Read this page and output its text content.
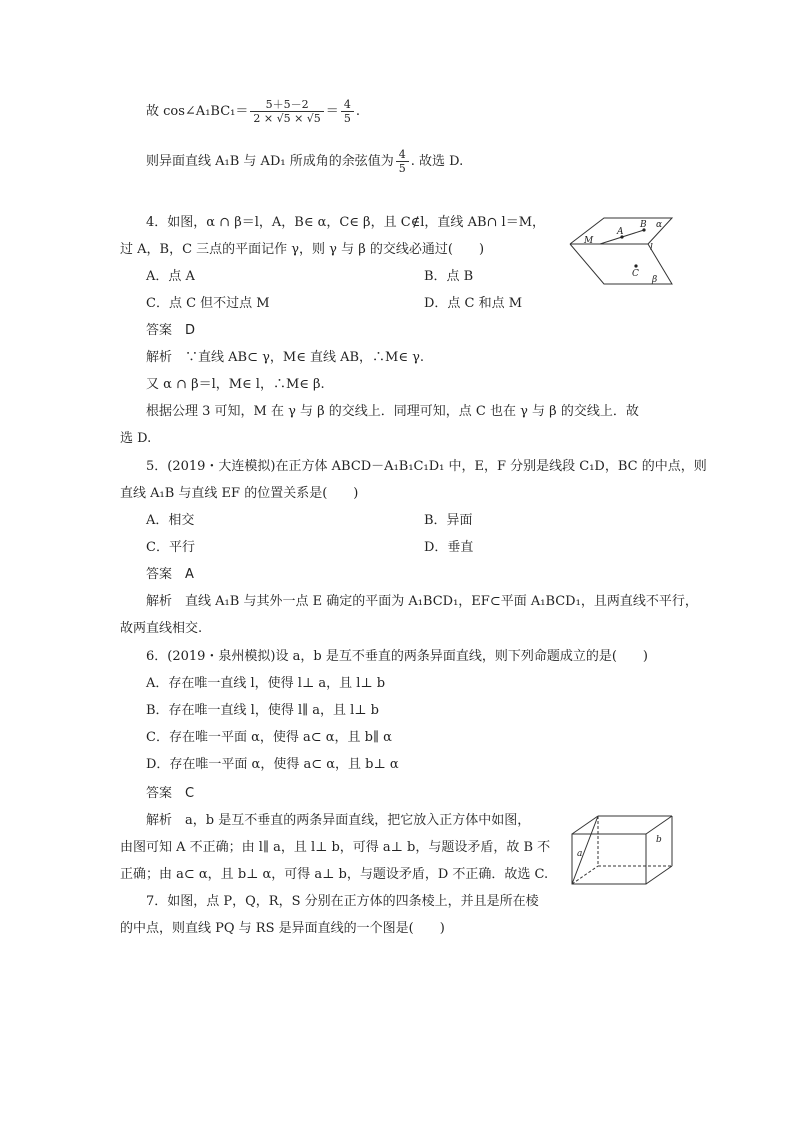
故 cos∠A₁BC₁＝ $\frac{5+5-2}{2 \times √5 \times √5} = \frac{4}{5}$ .
则异面直线 A₁B 与 AD₁ 所成角的余弦值为 $\frac{4}{5}$ . 故选 D.
4．如图，α ∩ β＝l，A，B∈ α，C∈ β，且 C∉l，直线 AB∩ l＝M，
过 A，B，C 三点的平面记作 γ，则 γ 与 β 的交线必通过(　　)
A．点 A	B．点 B
C．点 C 但不过点 M	D．点 C 和点 M
答案　 D
解析　 ∵直线 AB⊂ γ，M∈ 直线 AB，∴M∈ γ.
又 α ∩ β＝l，M∈ l，∴M∈ β.
根据公理 3 可知，M 在 γ 与 β 的交线上．同理可知，点 C 也在 γ 与 β 的交线上．故
选 D.
M
A
B α
l
C
β
5．(2019・大连模拟)在正方体 ABCD－A₁B₁C₁D₁ 中，E，F 分别是线段 C₁D，BC 的中点，则
直线 A₁B 与直线 EF 的位置关系是(　　)
A．相交	B．异面
C．平行	D．垂直
答案　 A
解析　 直线 A₁B 与其外一点 E 确定的平面为 A₁BCD₁，EF⊂平面 A₁BCD₁，且两直线不平行，
故两直线相交.
6．(2019・泉州模拟)设 a，b 是互不垂直的两条异面直线，则下列命题成立的是(　　)
A．存在唯一直线 l，使得 l⊥ a，且 l⊥ b
B．存在唯一直线 l，使得 l∥ a，且 l⊥ b
C．存在唯一平面 α，使得 a⊂ α，且 b∥ α
D．存在唯一平面 α，使得 a⊂ α，且 b⊥ α
答案　 C
解析　 a，b 是互不垂直的两条异面直线，把它放入正方体中如图，
由图可知 A 不正确；由 l∥ a，且 l⊥ b，可得 a⊥ b，与题设矛盾，故 B 不
正确；由 a⊂ α，且 b⊥ α，可得 a⊥ b，与题设矛盾，D 不正确．故选 C.
a
b
7．如图，点 P，Q，R，S 分别在正方体的四条棱上，并且是所在棱
的中点，则直线 PQ 与 RS 是异面直线的一个图是(　　)
